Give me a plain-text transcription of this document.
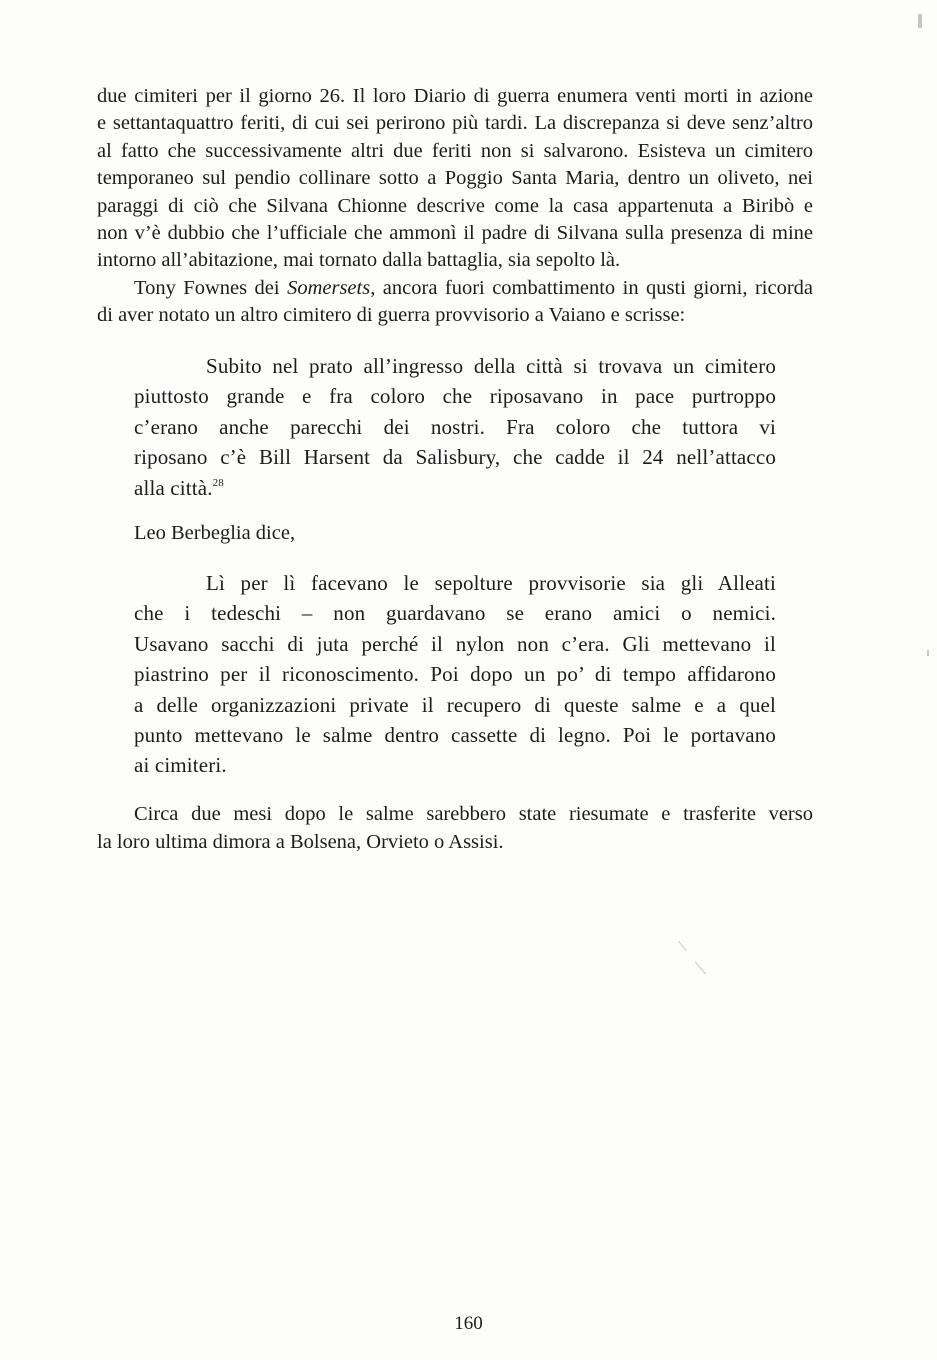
due cimiteri per il giorno 26. Il loro Diario di guerra enumera venti morti in azione
e settantaquattro feriti, di cui sei perirono più tardi. La discrepanza si deve senz’altro
al fatto che successivamente altri due feriti non si salvarono. Esisteva un cimitero
temporaneo sul pendio collinare sotto a Poggio Santa Maria, dentro un oliveto, nei
paraggi di ciò che Silvana Chionne descrive come la casa appartenuta a Biribò e
non v’è dubbio che l’ufficiale che ammonì il padre di Silvana sulla presenza di mine
intorno all’abitazione, mai tornato dalla battaglia, sia sepolto là.
Tony Fownes dei Somersets, ancora fuori combattimento in qusti giorni, ricorda
di aver notato un altro cimitero di guerra provvisorio a Vaiano e scrisse:
Subito nel prato all’ingresso della città si trovava un cimitero
piuttosto grande e fra coloro che riposavano in pace purtroppo
c’erano anche parecchi dei nostri. Fra coloro che tuttora vi
riposano c’è Bill Harsent da Salisbury, che cadde il 24 nell’attacco
alla città.$^{28}$
Leo Berbeglia dice,
Lì per lì facevano le sepolture provvisorie sia gli Alleati
che i tedeschi – non guardavano se erano amici o nemici.
Usavano sacchi di juta perché il nylon non c’era. Gli mettevano il
piastrino per il riconoscimento. Poi dopo un po’ di tempo affidarono
a delle organizzazioni private il recupero di queste salme e a quel
punto mettevano le salme dentro cassette di legno. Poi le portavano
ai cimiteri.
Circa due mesi dopo le salme sarebbero state riesumate e trasferite verso
la loro ultima dimora a Bolsena, Orvieto o Assisi.
160
